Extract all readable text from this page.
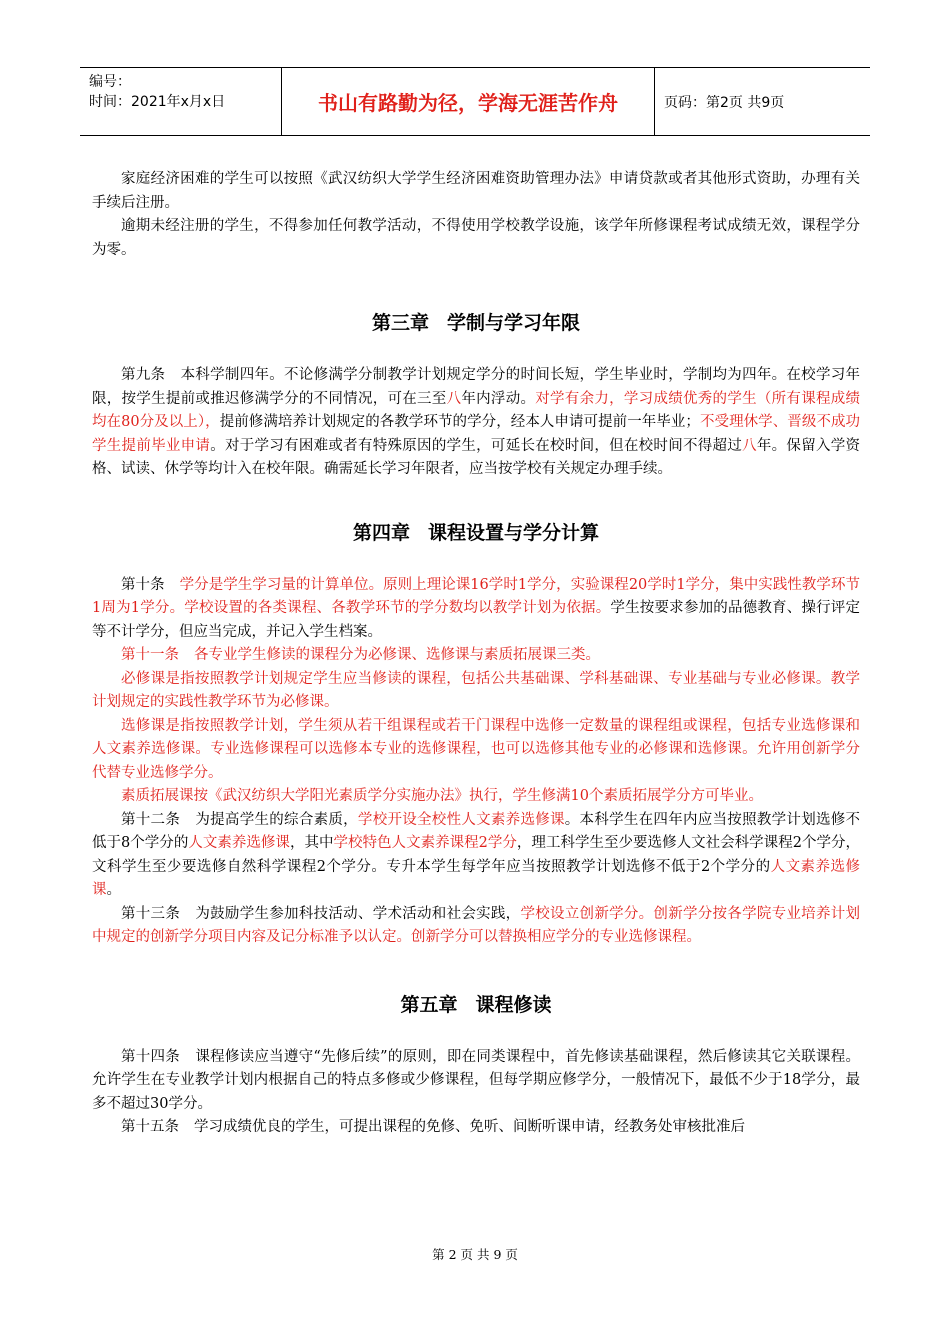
编号：
时间：2021年x月x日	书山有路勤为径，学海无涯苦作舟	页码：第2页 共9页

家庭经济困难的学生可以按照《武汉纺织大学学生经济困难资助管理办法》申请贷款或者其他形式资助，办理有关手续后注册。

逾期未经注册的学生，不得参加任何教学活动，不得使用学校教学设施，该学年所修课程考试成绩无效，课程学分为零。

第三章 学制与学习年限

第九条 本科学制四年。不论修满学分制教学计划规定学分的时间长短，学生毕业时，学制均为四年。在校学习年限，按学生提前或推迟修满学分的不同情况，可在三至八年内浮动。对学有余力，学习成绩优秀的学生（所有课程成绩均在80分及以上），提前修满培养计划规定的各教学环节的学分，经本人申请可提前一年毕业；不受理休学、晋级不成功学生提前毕业申请。对于学习有困难或者有特殊原因的学生，可延长在校时间，但在校时间不得超过八年。保留入学资格、试读、休学等均计入在校年限。确需延长学习年限者，应当按学校有关规定办理手续。

第四章 课程设置与学分计算

第十条 学分是学生学习量的计算单位。原则上理论课16学时1学分，实验课程20学时1学分，集中实践性教学环节1周为1学分。学校设置的各类课程、各教学环节的学分数均以教学计划为依据。学生按要求参加的品德教育、操行评定等不计学分，但应当完成，并记入学生档案。

第十一条 各专业学生修读的课程分为必修课、选修课与素质拓展课三类。

必修课是指按照教学计划规定学生应当修读的课程，包括公共基础课、学科基础课、专业基础与专业必修课。教学计划规定的实践性教学环节为必修课。

选修课是指按照教学计划，学生须从若干组课程或若干门课程中选修一定数量的课程组或课程，包括专业选修课和人文素养选修课。专业选修课程可以选修本专业的选修课程，也可以选修其他专业的必修课和选修课。允许用创新学分代替专业选修学分。

素质拓展课按《武汉纺织大学阳光素质学分实施办法》执行，学生修满10个素质拓展学分方可毕业。

第十二条 为提高学生的综合素质，学校开设全校性人文素养选修课。本科学生在四年内应当按照教学计划选修不低于8个学分的人文素养选修课，其中学校特色人文素养课程2学分，理工科学生至少要选修人文社会科学课程2个学分，文科学生至少要选修自然科学课程2个学分。专升本学生每学年应当按照教学计划选修不低于2个学分的人文素养选修课。

第十三条 为鼓励学生参加科技活动、学术活动和社会实践，学校设立创新学分。创新学分按各学院专业培养计划中规定的创新学分项目内容及记分标准予以认定。创新学分可以替换相应学分的专业选修课程。

第五章 课程修读

第十四条 课程修读应当遵守“先修后续”的原则，即在同类课程中，首先修读基础课程，然后修读其它关联课程。允许学生在专业教学计划内根据自己的特点多修或少修课程，但每学期应修学分，一般情况下，最低不少于18学分，最多不超过30学分。

第十五条 学习成绩优良的学生，可提出课程的免修、免听、间断听课申请，经教务处审核批准后

第 2 页 共 9 页
